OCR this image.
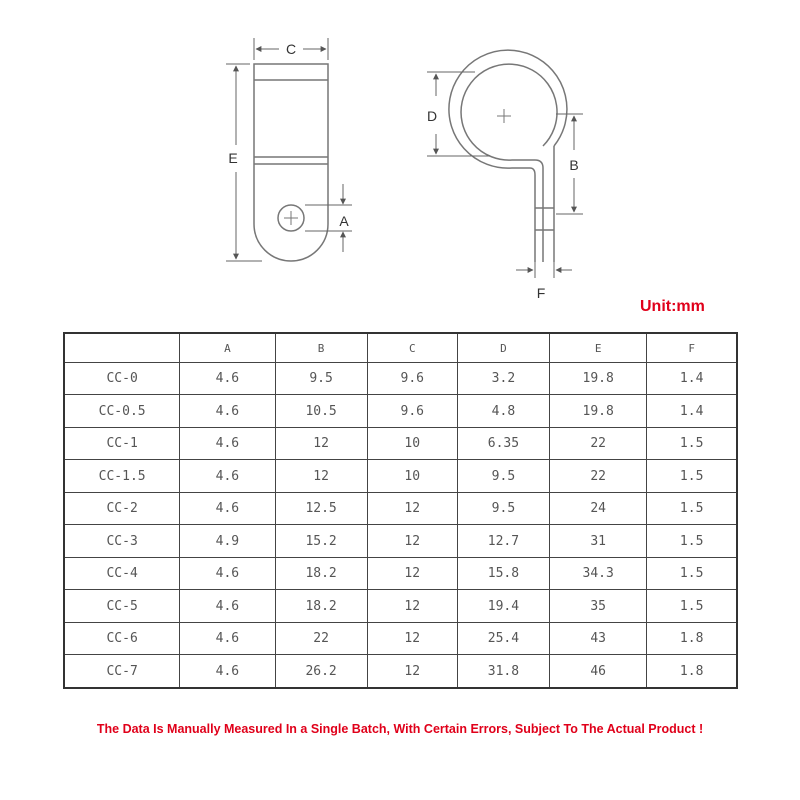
C
E
A
D
B
F
Unit:mm
	A	B	C	D	E	F
CC-0	4.6	9.5	9.6	3.2	19.8	1.4
CC-0.5	4.6	10.5	9.6	4.8	19.8	1.4
CC-1	4.6	12	10	6.35	22	1.5
CC-1.5	4.6	12	10	9.5	22	1.5
CC-2	4.6	12.5	12	9.5	24	1.5
CC-3	4.9	15.2	12	12.7	31	1.5
CC-4	4.6	18.2	12	15.8	34.3	1.5
CC-5	4.6	18.2	12	19.4	35	1.5
CC-6	4.6	22	12	25.4	43	1.8
CC-7	4.6	26.2	12	31.8	46	1.8
The Data Is Manually Measured In a Single Batch, With Certain Errors, Subject To The Actual Product !
